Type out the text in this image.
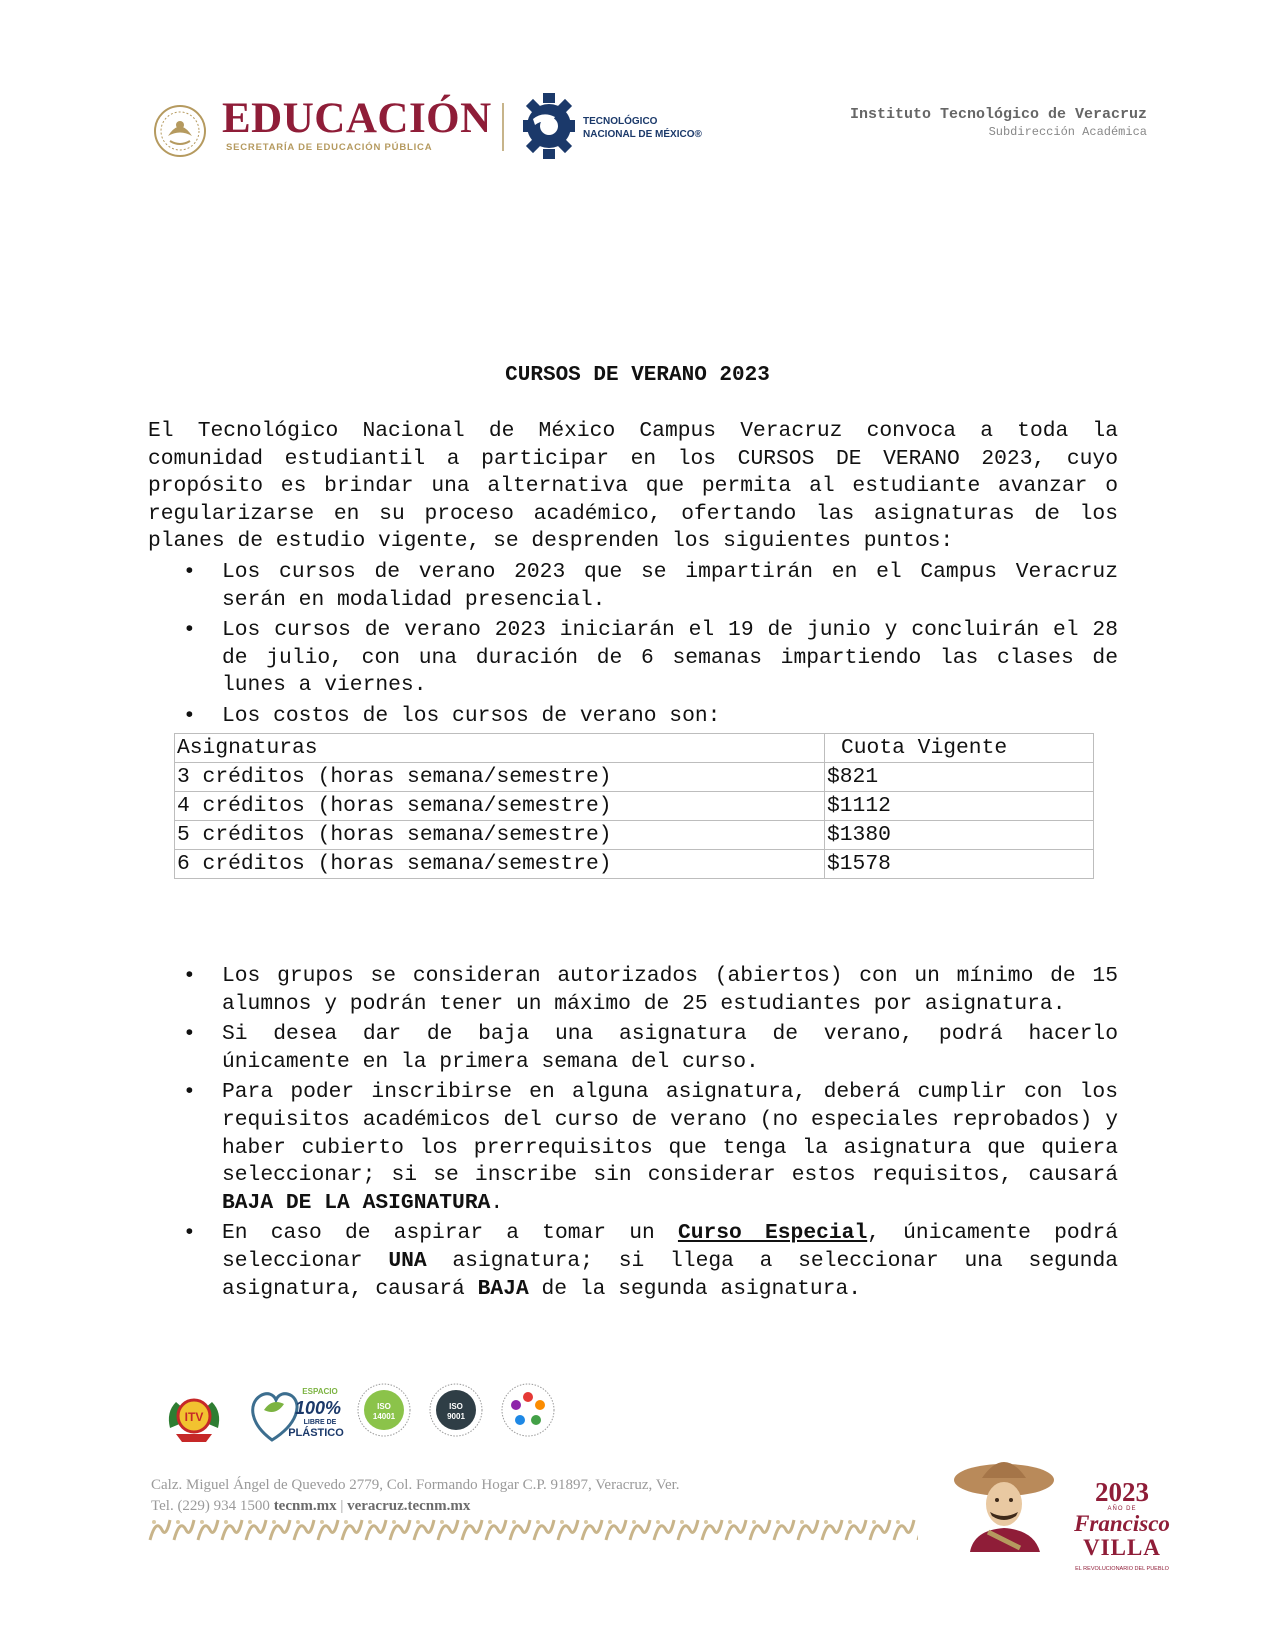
EDUCACIÓN
SECRETARÍA DE EDUCACIÓN PÚBLICA
TECNOLÓGICO NACIONAL DE MÉXICO®
Instituto Tecnológico de Veracruz
Subdirección Académica
CURSOS DE VERANO 2023

El Tecnológico Nacional de México Campus Veracruz convoca a toda la comunidad estudiantil a participar en los CURSOS DE VERANO 2023, cuyo propósito es brindar una alternativa que permita al estudiante avanzar o regularizarse en su proceso académico, ofertando las asignaturas de los planes de estudio vigente, se desprenden los siguientes puntos:

• Los cursos de verano 2023 que se impartirán en el Campus Veracruz serán en modalidad presencial.
• Los cursos de verano 2023 iniciarán el 19 de junio y concluirán el 28 de julio, con una duración de 6 semanas impartiendo las clases de lunes a viernes.
• Los costos de los cursos de verano son:
Asignaturas	Cuota Vigente
3 créditos (horas semana/semestre)	$821
4 créditos (horas semana/semestre)	$1112
5 créditos (horas semana/semestre)	$1380
6 créditos (horas semana/semestre)	$1578
• Los grupos se consideran autorizados (abiertos) con un mínimo de 15 alumnos y podrán tener un máximo de 25 estudiantes por asignatura.
• Si desea dar de baja una asignatura de verano, podrá hacerlo únicamente en la primera semana del curso.
• Para poder inscribirse en alguna asignatura, deberá cumplir con los requisitos académicos del curso de verano (no especiales reprobados) y haber cubierto los prerrequisitos que tenga la asignatura que quiera seleccionar; si se inscribe sin considerar estos requisitos, causará BAJA DE LA ASIGNATURA.
• En caso de aspirar a tomar un Curso Especial, únicamente podrá seleccionar UNA asignatura; si llega a seleccionar una segunda asignatura, causará BAJA de la segunda asignatura.
ITV
ESPACIO
100%
LIBRE DE
PLÁSTICO
ISO
14001
ISO
9001
Calz. Miguel Ángel de Quevedo 2779, Col. Formando Hogar C.P. 91897, Veracruz, Ver.
Tel. (229) 934 1500 tecnm.mx | veracruz.tecnm.mx	2023
AÑO DE
Francisco
VILLA
EL REVOLUCIONARIO DEL PUEBLO
